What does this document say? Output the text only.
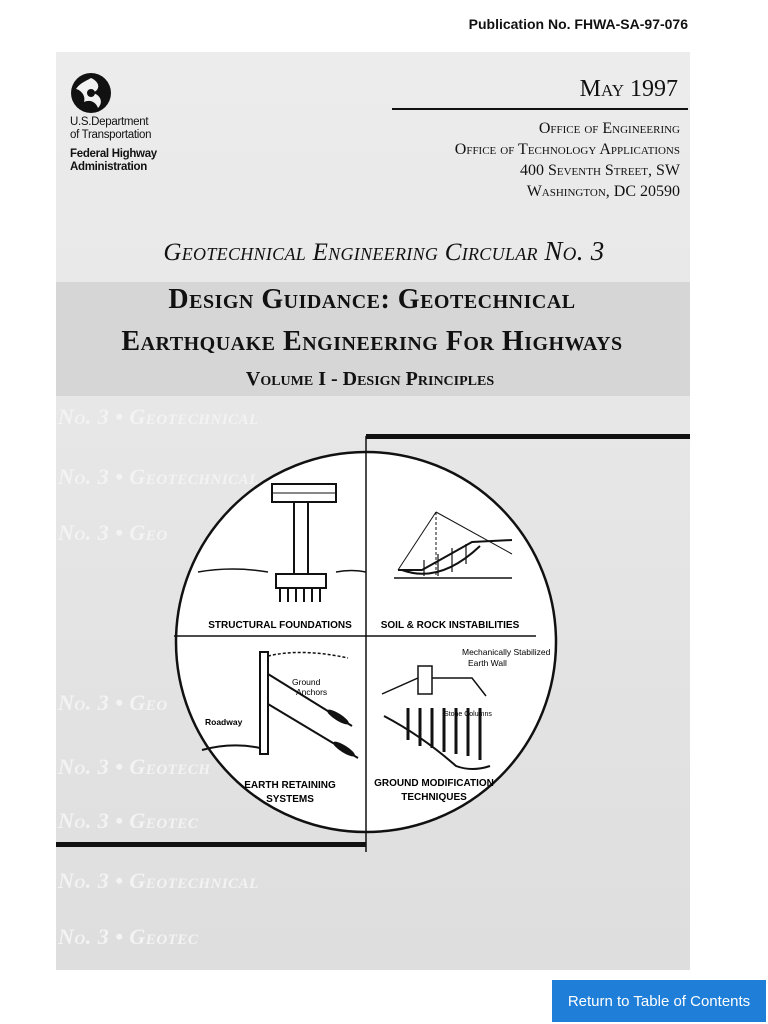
Publication No. FHWA-SA-97-076
U.S.Department
of Transportation
Federal Highway
Administration
May 1997
Office of Engineering
Office of Technology Applications
400 Seventh Street, SW
Washington, DC 20590
Geotechnical Engineering Circular No. 3
Design Guidance: Geotechnical
Earthquake Engineering For Highways
Volume I - Design Principles
No. 3 • Geotechnical
No. 3 • Geotechnical
No. 3 • Geo
No. 3 • Geo
No. 3 • Geotech
No. 3 • Geotec
No. 3 • Geotechnical
No. 3 • Geotec
STRUCTURAL FOUNDATIONS	SOIL & ROCK INSTABILITIES
Ground
Anchors
Roadway
EARTH RETAINING
SYSTEMS
Mechanically Stabilized
Earth Wall
Stone Columns
GROUND MODIFICATION
TECHNIQUES
Return to Table of Contents
